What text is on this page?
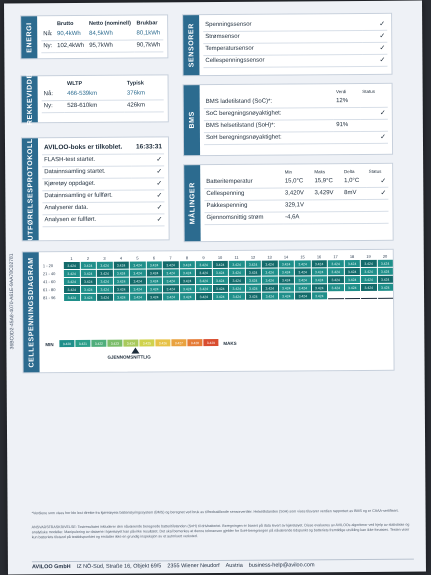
36BC0D2-45A8-4070-A61E-9AA78C02781
ENERGI
		Brutto	Netto (nominell)	Brukbar
Nå:	90,4kWh	84,5kWh	80,1kWh
Ny:	102,4kWh	95,7kWh	90,7kWh
REKKEVIDDE
		WLTP	Typisk
Nå:	466-539km	376km
Ny:	528-610km	426km
UTFØRELSESPROTOKOLL AVILOO-boks er tilkoblet.	16:33:31
FLASH-test startet.	✓
Datainnsamling startet.	✓
Kjøretøy oppdaget.	✓
Datainnsamling er fullført.	✓
Analyserer data.	✓
Analysen er fullført.	✓
SENSORER Spenningssensor	✓
Strømsensor	✓
Temperatursensor	✓
Cellespenningssensor	✓
BMS
	Verdi	Status
BMS ladetilstand (SoC)*:	12%	
SoC beregningsnøyaktighet:		✓
BMS helsetilstand (SoH)*:	91%	
SoH beregningsnøyaktighet:		✓
MÅLINGER
	Min	Maks	Delta	Status
Batteritemperatur	15,0°C	15,9°C	1,0°C	✓
Cellespenning	3,420V	3,429V	8mV	✓
Pakkespenning	329,1V			
Gjennomsnittig strøm	-4,6A			
CELLESPENNINGSDIAGRAM	1	2	3	4	5	6	7	8	9	10	11	12	13	14	15	16	17	18	19	20
1 - 20	3.424	3.424	3.424	3.424	3.424	3.424	3.424	3.424	3.424	3.424	3.424	3.424	3.424	3.424	3.424	3.424	3.424	3.424	3.424	3.424
21 - 40	3.424	3.424	3.424	3.424	3.424	3.424	3.424	3.424	3.424	3.424	3.424	3.424	3.424	3.424	3.424	3.424	3.424	3.424	3.424	3.424
41 - 60	3.424	3.424	3.424	3.424	3.424	3.424	3.424	3.424	3.424	3.424	3.424	3.424	3.424	3.424	3.424	3.424	3.424	3.424	3.424	3.424
61 - 80	3.424	3.424	3.424	3.424	3.424	3.424	3.424	3.424	3.424	3.424	3.424	3.424	3.424	3.424	3.424	3.424	3.424	3.424	3.424	3.424
81 - 96	3.424	3.424	3.424	3.424	3.424	3.424	3.424	3.424	3.424	3.424	3.424	3.424	3.424	3.424	3.424	3.424
MIN	3.420	3.421	3.422	3.423	3.424	3.425	3.426	3.427	3.428	3.429	MAKS
GJENNOMSNITTLIG
*Verdiene som vises her ble lest direkte fra kjøretøyets batteristyringssystem (BMS) og beregnet ved bruk av tilfredsstillende sensorverdier. Helsetilstanden (SoH) som vises tilsvarer verdien rapportert av BMS og er CAAA-sertifisert.
ANSVARSFRASKRIVELSE: Testresultatet inkluderer den nåværende beregnede batteritilstanden (SoH) til drivbatteriet. Beregningen er basert på data levert av kjøretøyet. Disse evalueres av AVILOOs algoritmer ved hjelp av statistiske og analytiske modeller. Manipulering av dataene i kjøretøyet kan påvirke resultatet. Det skal bemerkes at denne toleransen gjelder for SoH-beregningen på nåværende tidspunkt og batteriets fremtidige utvikling kan ikke forutsies. Testen viser kun batteriets tilstand på testtidspunktet og erstatter ikke en grundig inspeksjon av et autorisert verksted.
AVILOO GmbH IZ NÖ-Süd, Straße 16, Objekt 69/5 2355 Wiener Neudorf Austria business-help@aviloo.com
